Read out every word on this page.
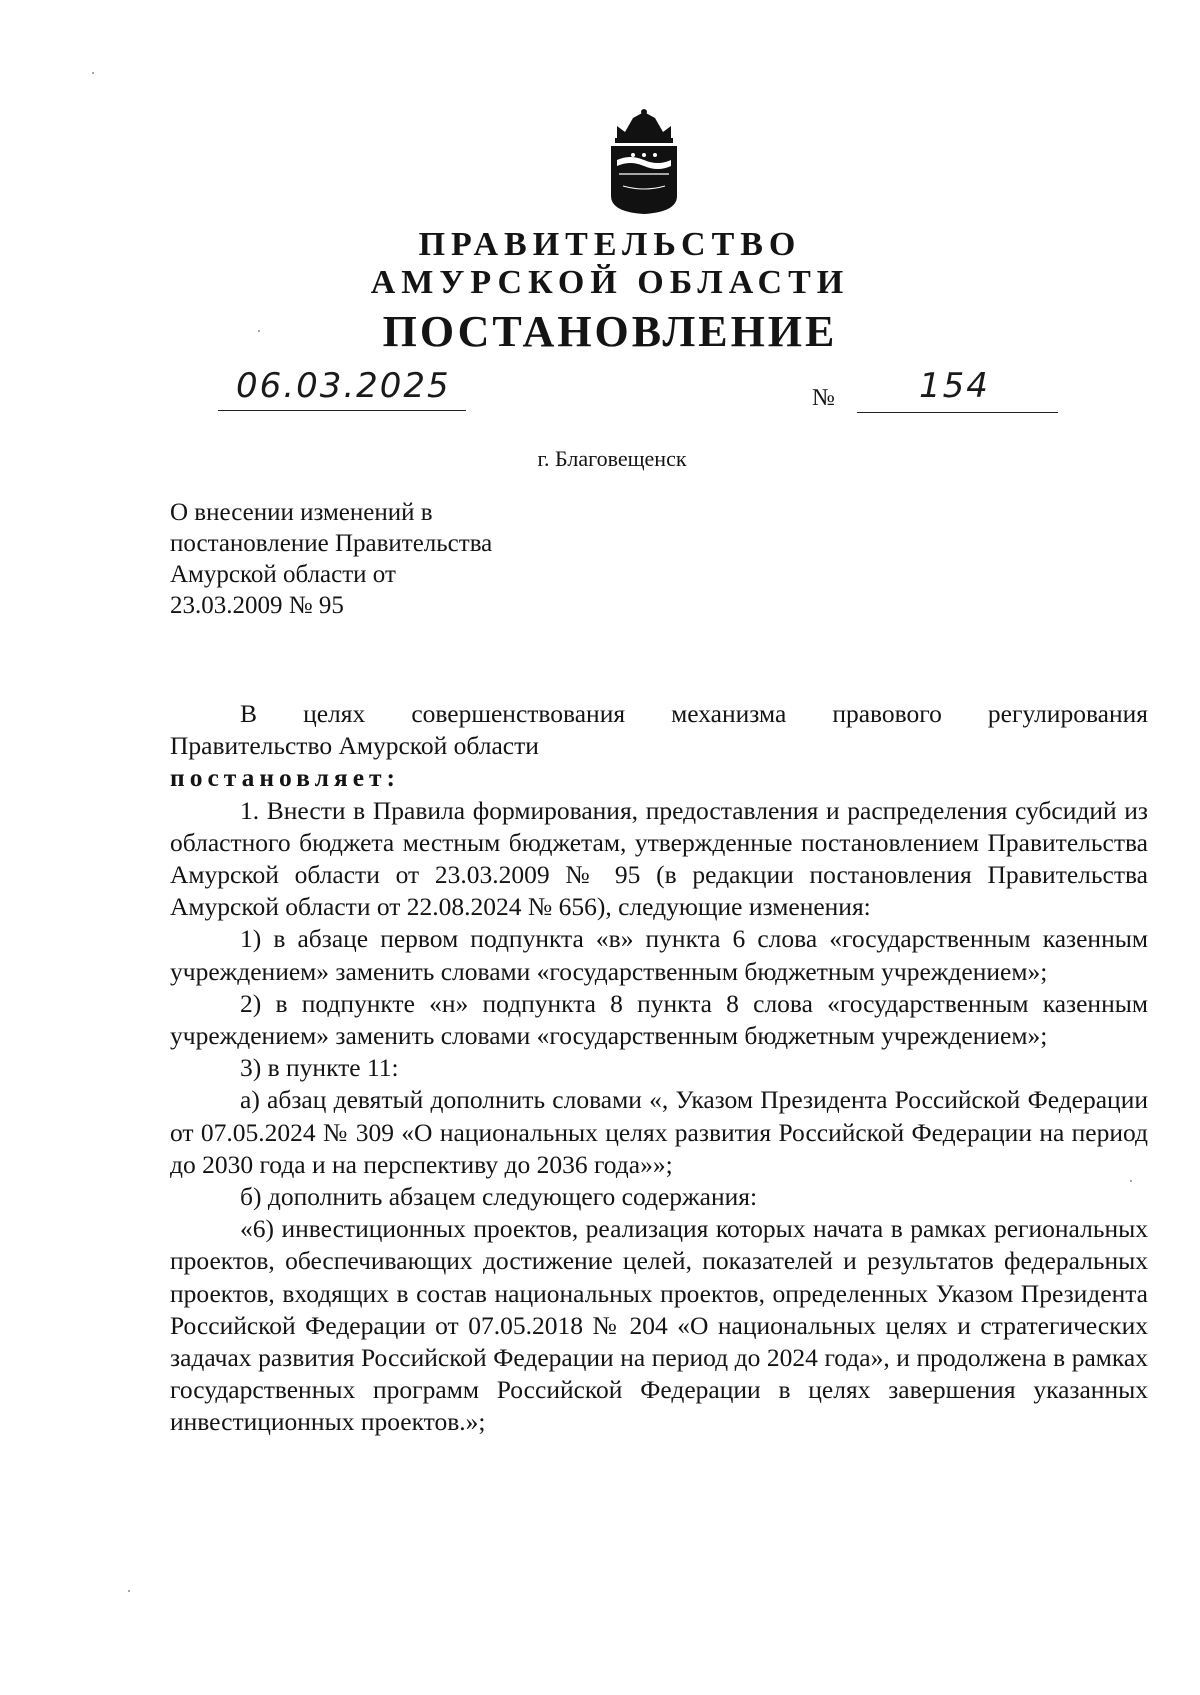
ПРАВИТЕЛЬСТВО
АМУРСКОЙ ОБЛАСТИ
ПОСТАНОВЛЕНИЕ
06.03.2025	№ 154
г. Благовещенск
О внесении изменений в
постановление Правительства
Амурской области от
23.03.2009 № 95

В целях совершенствования механизма правового регулирования

Правительство Амурской области

постановляет:

1. Внести в Правила формирования, предоставления и распределения субсидий из областного бюджета местным бюджетам, утвержденные постановлением Правительства Амурской области от 23.03.2009 № 95 (в редакции постановления Правительства Амурской области от 22.08.2024 № 656), следующие изменения:

1) в абзаце первом подпункта «в» пункта 6 слова «государственным казенным учреждением» заменить словами «государственным бюджетным учреждением»;

2) в подпункте «н» подпункта 8 пункта 8 слова «государственным казенным учреждением» заменить словами «государственным бюджетным учреждением»;

3) в пункте 11:

а) абзац девятый дополнить словами «, Указом Президента Российской Федерации от 07.05.2024 № 309 «О национальных целях развития Российской Федерации на период до 2030 года и на перспективу до 2036 года»»;

б) дополнить абзацем следующего содержания:

«6) инвестиционных проектов, реализация которых начата в рамках региональных проектов, обеспечивающих достижение целей, показателей и результатов федеральных проектов, входящих в состав национальных проектов, определенных Указом Президента Российской Федерации от 07.05.2018 № 204 «О национальных целях и стратегических задачах развития Российской Федерации на период до 2024 года», и продолжена в рамках государственных программ Российской Федерации в целях завершения указанных инвестиционных проектов.»;
